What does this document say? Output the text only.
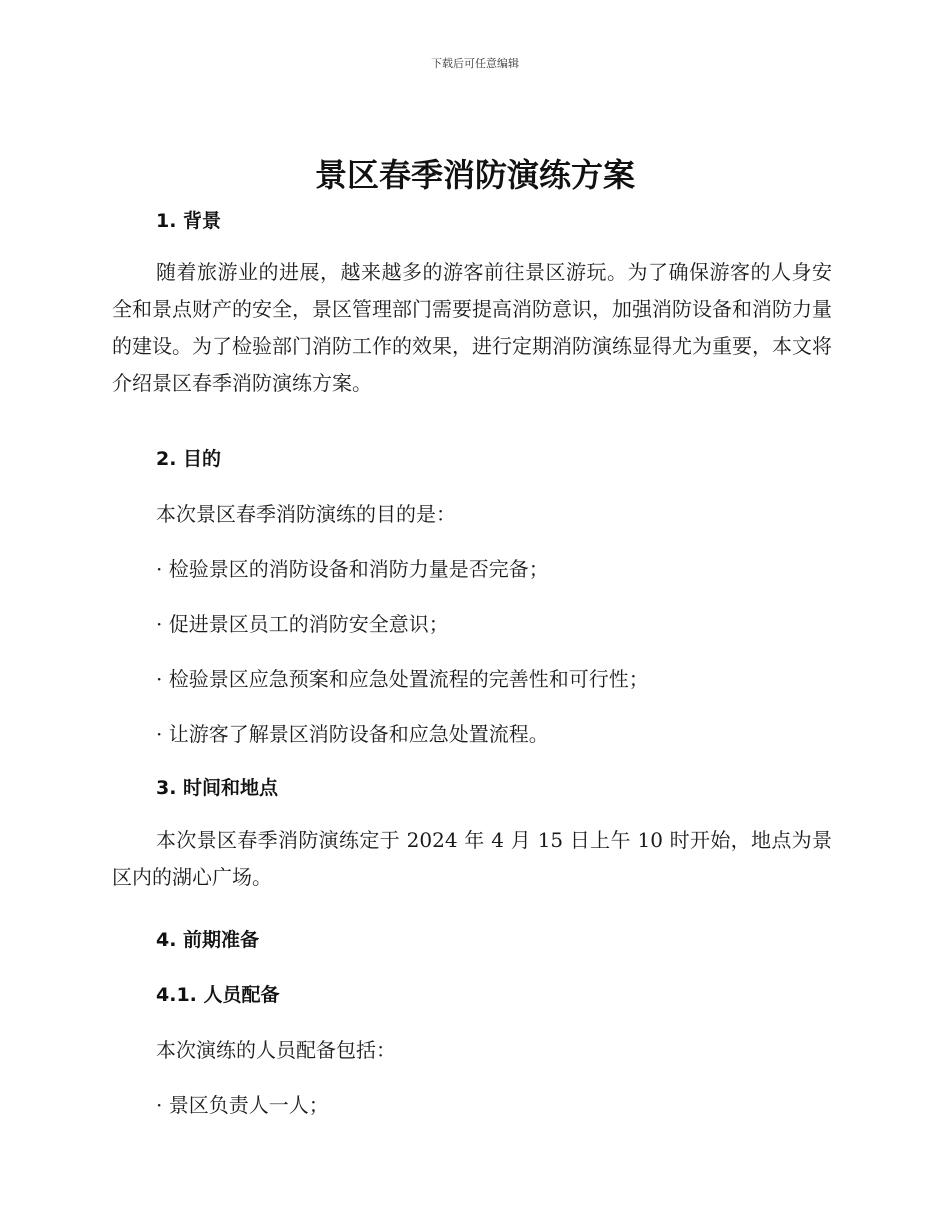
下载后可任意编辑
景区春季消防演练方案
1. 背景
随着旅游业的进展，越来越多的游客前往景区游玩。为了确保游客的人身安全和景点财产的安全，景区管理部门需要提高消防意识，加强消防设备和消防力量的建设。为了检验部门消防工作的效果，进行定期消防演练显得尤为重要，本文将介绍景区春季消防演练方案。
2. 目的
本次景区春季消防演练的目的是：
· 检验景区的消防设备和消防力量是否完备；
· 促进景区员工的消防安全意识；
· 检验景区应急预案和应急处置流程的完善性和可行性；
· 让游客了解景区消防设备和应急处置流程。
3. 时间和地点
本次景区春季消防演练定于 2024 年 4 月 15 日上午 10 时开始，地点为景区内的湖心广场。
4. 前期准备
4.1. 人员配备
本次演练的人员配备包括：
· 景区负责人一人；
